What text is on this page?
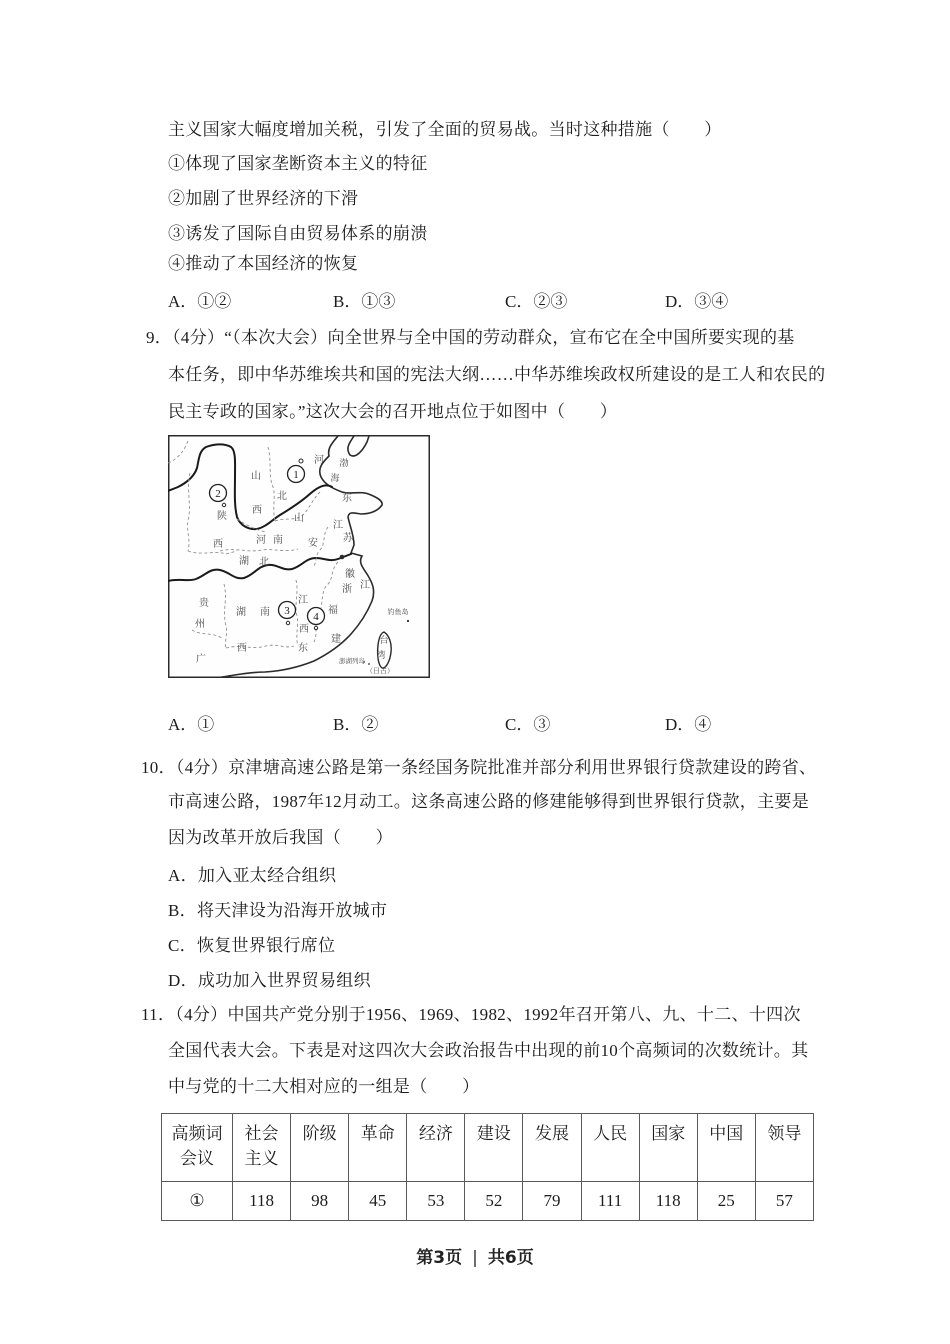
主义国家大幅度增加关税，引发了全面的贸易战。当时这种措施（　　）
①体现了国家垄断资本主义的特征
②加剧了世界经济的下滑
③诱发了国际自由贸易体系的崩溃
④推动了本国经济的恢复
A．①②	B．①③	C．②③	D．③④
9．（4分）“（本次大会）向全世界与全中国的劳动群众，宣布它在全中国所要实现的基
本任务，即中华苏维埃共和国的宪法大纲……中华苏维埃政权所建设的是工人和农民的
民主专政的国家。”这次大会的召开地点位于如图中（　　）
河
北
渤
海
山
西
陕
西
山
东
河 南	安
徽
江
苏
湖 北
浙 江
贵
州
湖 南
江
西
福
建
西
广
东
台
湾
钓鱼岛
澎湖列岛
（日占）
1
2
3 4
A．①	B．②	C．③	D．④
10．（4分）京津塘高速公路是第一条经国务院批准并部分利用世界银行贷款建设的跨省、
市高速公路，1987年12月动工。这条高速公路的修建能够得到世界银行贷款，主要是
因为改革开放后我国（　　）
A．加入亚太经合组织
B．将天津设为沿海开放城市
C．恢复世界银行席位
D．成功加入世界贸易组织
11．（4分）中国共产党分别于1956、1969、1982、1992年召开第八、九、十二、十四次
全国代表大会。下表是对这四次大会政治报告中出现的前10个高频词的次数统计。其
中与党的十二大相对应的一组是（　　）
高频词
会议	社会主义	阶级	革命	经济	建设	发展	人民	国家	中国	领导
①	118	98	45	53	52	79	111	118	25	57
第3页 | 共6页
